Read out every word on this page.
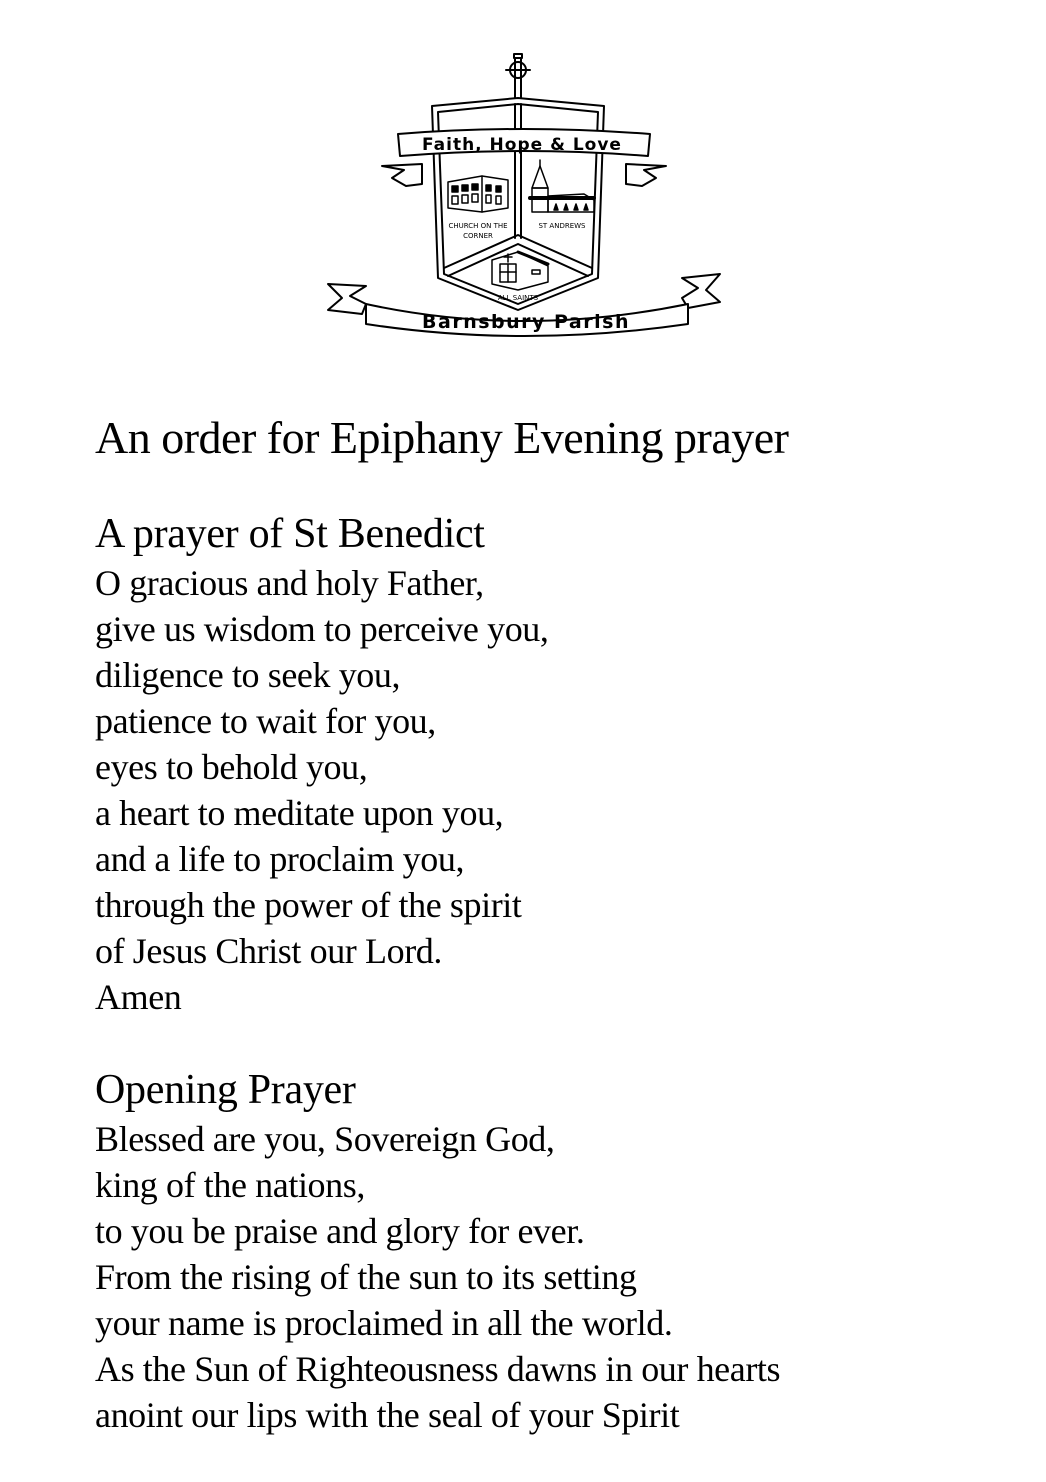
Faith, Hope & Love
CHURCH ON THE
CORNER
ST ANDREWS
ALL SAINTS
Barnsbury Parish
An order for Epiphany Evening prayer
A prayer of St Benedict

O gracious and holy Father,

give us wisdom to perceive you,

diligence to seek you,

patience to wait for you,

eyes to behold you,

a heart to meditate upon you,

and a life to proclaim you,

through the power of the spirit

of Jesus Christ our Lord.

Amen

Opening Prayer

Blessed are you, Sovereign God,

king of the nations,

to you be praise and glory for ever.

From the rising of the sun to its setting

your name is proclaimed in all the world.

As the Sun of Righteousness dawns in our hearts

anoint our lips with the seal of your Spirit
